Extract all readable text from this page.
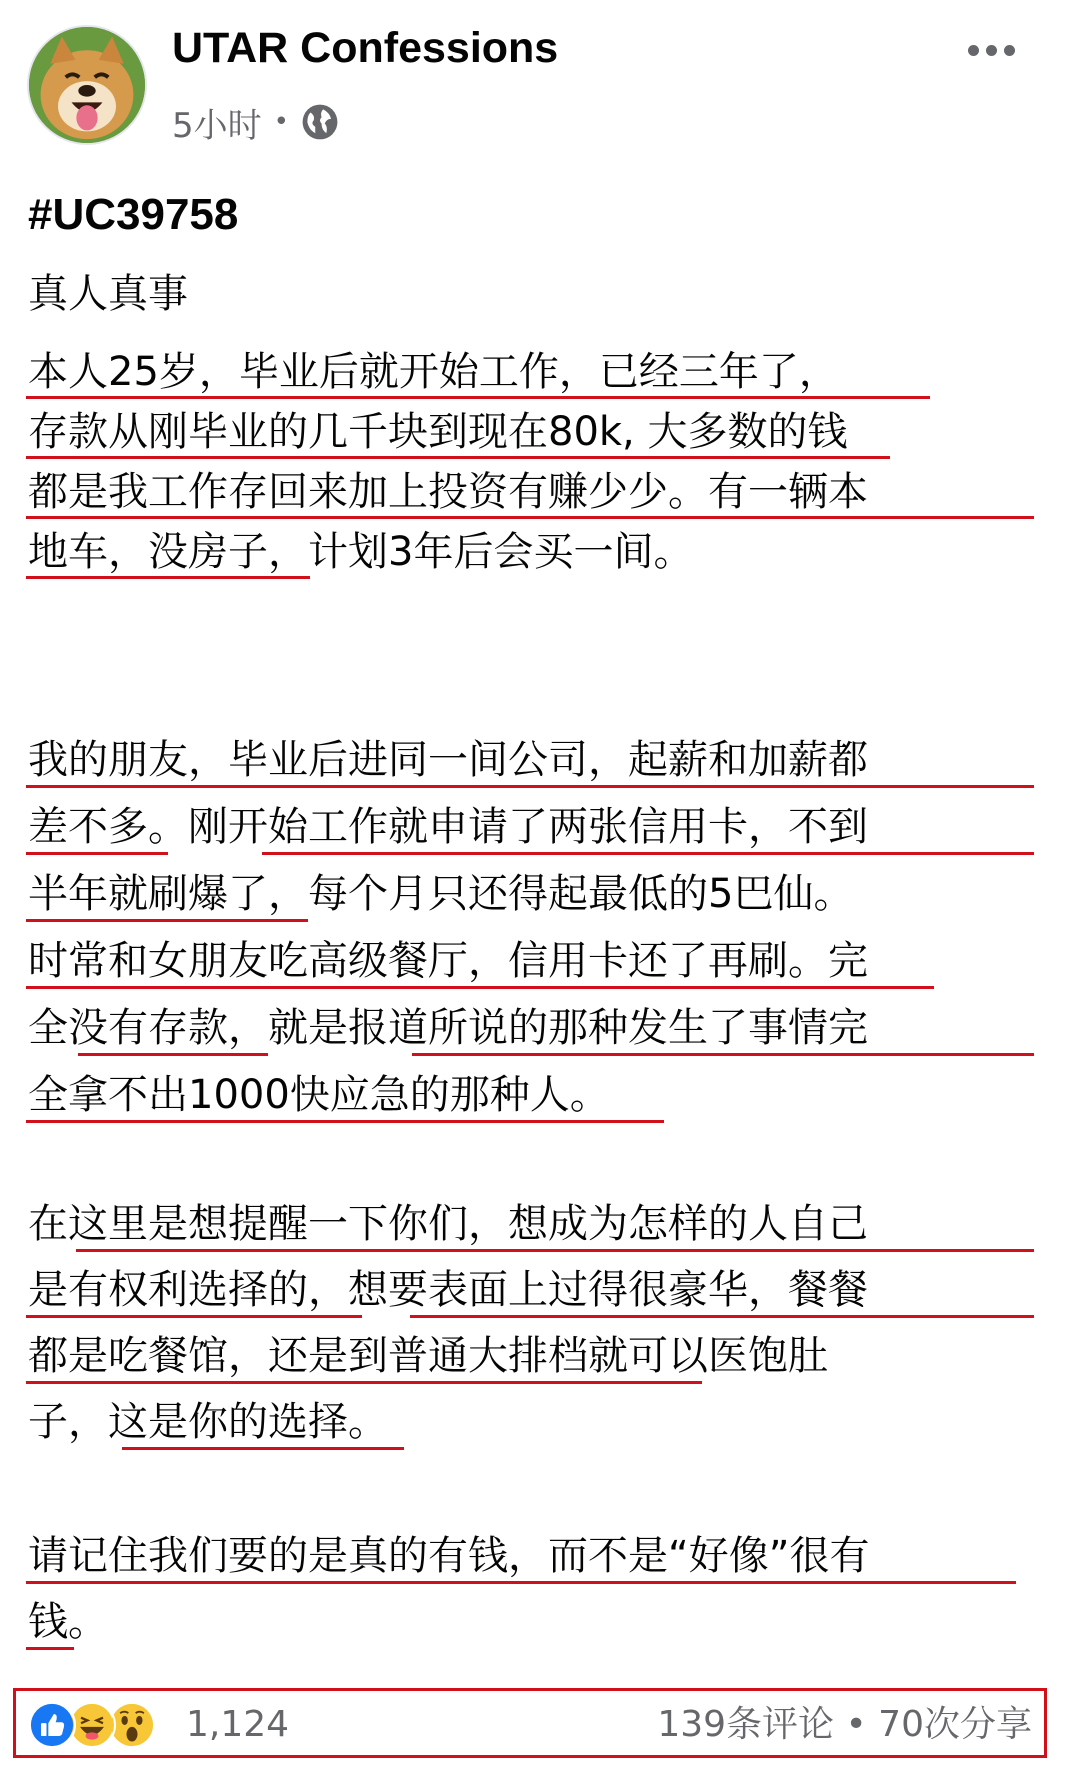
UTAR Confessions
5小时 •
#UC39758
真人真事
本人25岁，毕业后就开始工作，已经三年了，
存款从刚毕业的几千块到现在80k, 大多数的钱
都是我工作存回来加上投资有赚少少。有一辆本
地车，没房子，计划3年后会买一间。
我的朋友，毕业后进同一间公司，起薪和加薪都
差不多。刚开始工作就申请了两张信用卡，不到
半年就刷爆了，每个月只还得起最低的5巴仙。
时常和女朋友吃高级餐厅，信用卡还了再刷。完
全没有存款，就是报道所说的那种发生了事情完
全拿不出1000快应急的那种人。
在这里是想提醒一下你们，想成为怎样的人自己
是有权利选择的，想要表面上过得很豪华，餐餐
都是吃餐馆，还是到普通大排档就可以医饱肚
子，这是你的选择。
请记住我们要的是真的有钱，而不是“好像”很有
钱。
1,124	139条评论 • 70次分享
